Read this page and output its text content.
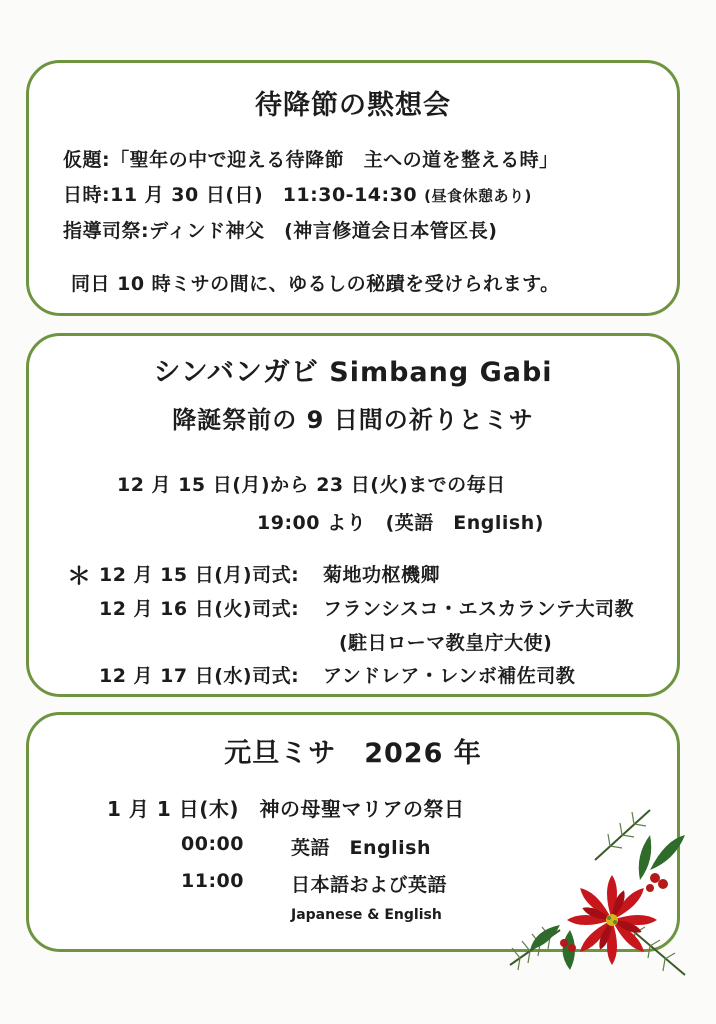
待降節の黙想会
仮題:「聖年の中で迎える待降節　主への道を整える時」
日時:11 月 30 日(日)　11:30-14:30 (昼食休憩あり)
指導司祭:ディンド神父　(神言修道会日本管区長)
同日 10 時ミサの間に、ゆるしの秘蹟を受けられます。
シンバンガビ Simbang Gabi
降誕祭前の 9 日間の祈りとミサ
12 月 15 日(月)から 23 日(火)までの毎日
19:00 より　(英語　English)
＊ 12 月 15 日(月)司式: 菊地功枢機卿
12 月 16 日(火)司式: フランシスコ・エスカランテ大司教
(駐日ローマ教皇庁大使)
12 月 17 日(水)司式: アンドレア・レンボ補佐司教
元旦ミサ　2026 年
1 月 1 日(木)　神の母聖マリアの祭日
00:00 英語　English
11:00 日本語および英語
Japanese & English
